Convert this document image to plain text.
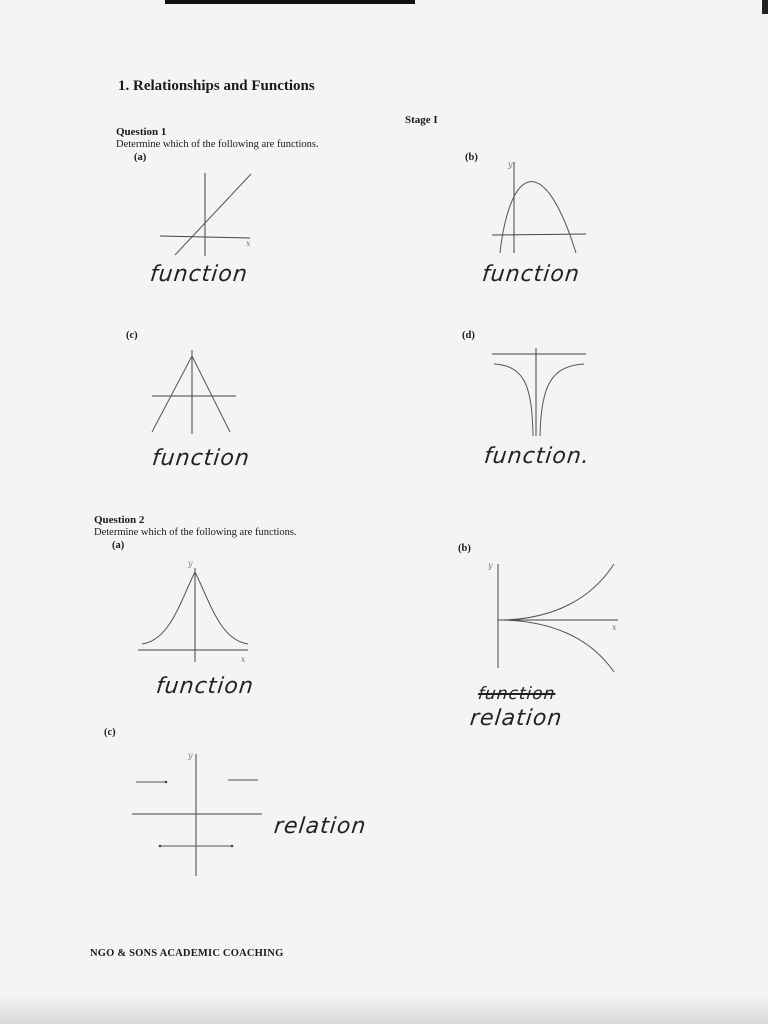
1. Relationships and Functions
Stage I
Question 1
Determine which of the following are functions.
(a)	(b)
(c)	(d)
x
function
y
function
function	function.
Question 2
Determine which of the following are functions.
(a)	(b)
(c)
y
x
function
y
x
function
relation
y
relation
NGO & SONS ACADEMIC COACHING
